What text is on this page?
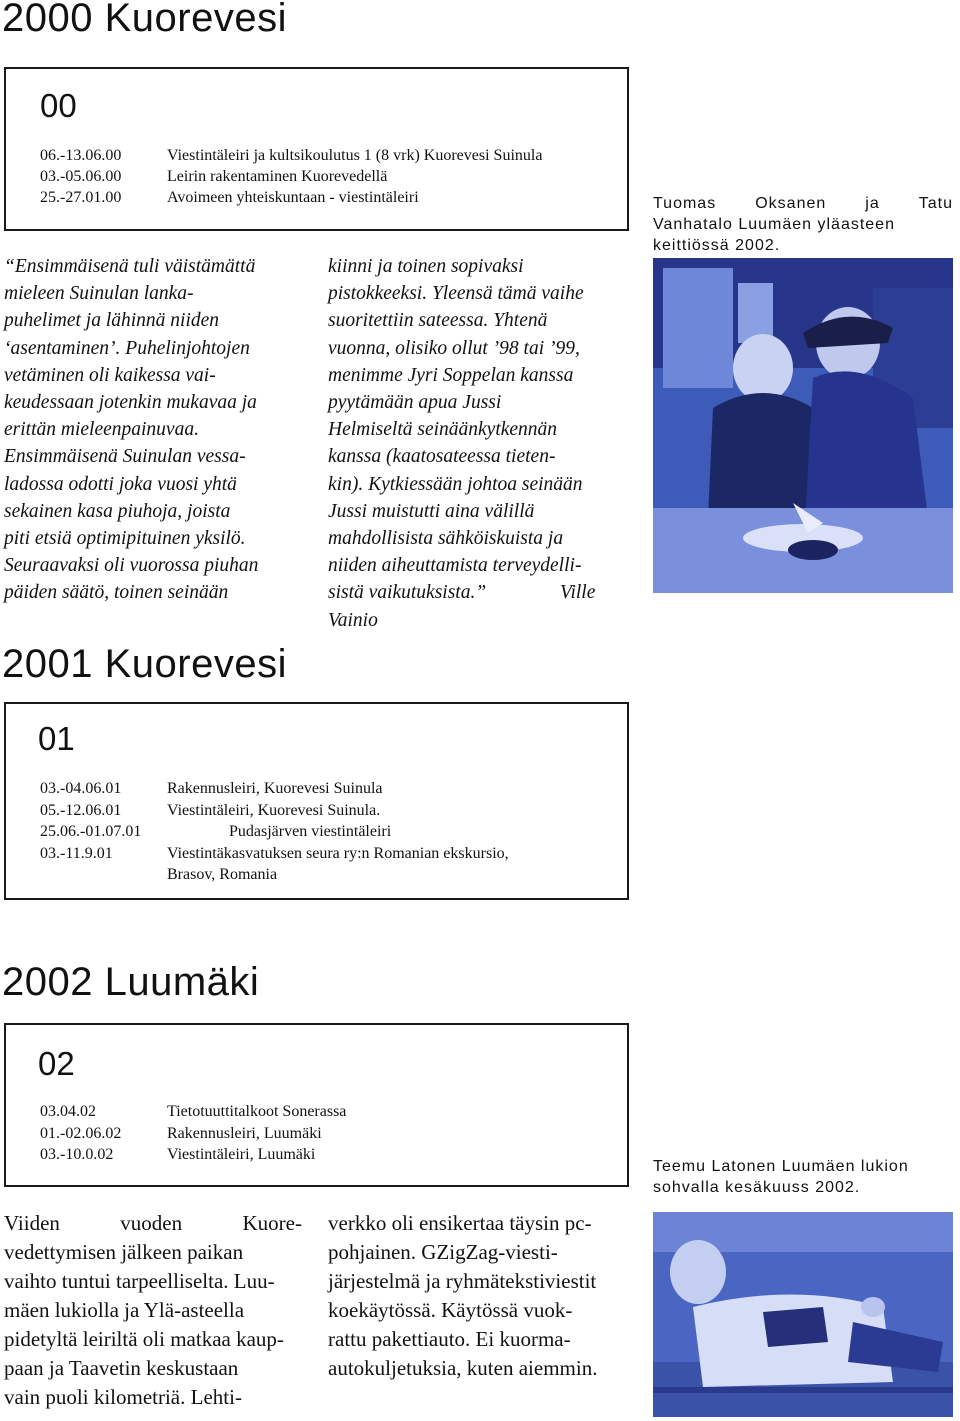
2000 Kuorevesi
00
06.-13.06.00	Viestintäleiri ja kultsikoulutus 1 (8 vrk) Kuorevesi Suinula
03.-05.06.00	Leirin rakentaminen Kuorevedellä
25.-27.01.00	Avoimeen yhteiskuntaan - viestintäleiri
“Ensimmäisenä tuli väistämättä
mieleen Suinulan lanka-
puhelimet ja lähinnä niiden
‘asentaminen’. Puhelinjohtojen
vetäminen oli kaikessa vai-
keudessaan jotenkin mukavaa ja
erittän mieleenpainuvaa.
Ensimmäisenä Suinulan vessa-
ladossa odotti joka vuosi yhtä
sekainen kasa piuhoja, joista
piti etsiä optimipituinen yksilö.
Seuraavaksi oli vuorossa piuhan
päiden säätö, toinen seinään
kiinni ja toinen sopivaksi
pistokkeeksi. Yleensä tämä vaihe
suoritettiin sateessa. Yhtenä
vuonna, olisiko ollut ’98 tai ’99,
menimme Jyri Soppelan kanssa
pyytämään apua Jussi
Helmiseltä seinäänkytkennän
kanssa (kaatosateessa tieten-
kin). Kytkiessään johtoa seinään
Jussi muistutti aina välillä
mahdollisista sähköiskuista ja
niiden aiheuttamista terveydelli-
sistä vaikutuksista.”	Ville
Vainio
Tuomas Oksanen ja Tatu
Vanhatalo Luumäen yläasteen
keittiössä 2002.
2001 Kuorevesi
01
03.-04.06.01	Rakennusleiri, Kuorevesi Suinula
05.-12.06.01	Viestintäleiri, Kuorevesi Suinula.
25.06.-01.07.01	Pudasjärven viestintäleiri
03.-11.9.01	Viestintäkasvatuksen seura ry:n Romanian ekskursio,
Brasov, Romania
2002 Luumäki
02
03.04.02	Tietotuuttitalkoot Sonerassa
01.-02.06.02	Rakennusleiri, Luumäki
03.-10.0.02	Viestintäleiri, Luumäki
Teemu Latonen Luumäen lukion
sohvalla kesäkuuss 2002.
Viiden	vuoden	Kuore-
vedettymisen jälkeen paikan
vaihto tuntui tarpeelliselta. Luu-
mäen lukiolla ja Ylä-asteella
pidetyltä leiriltä oli matkaa kaup-
paan ja Taavetin keskustaan
vain puoli kilometriä. Lehti-
verkko oli ensikertaa täysin pc-
pohjainen. GZigZag-viesti-
järjestelmä ja ryhmätekstiviestit
koekäytössä. Käytössä vuok-
rattu pakettiauto. Ei kuorma-
autokuljetuksia, kuten aiemmin.
